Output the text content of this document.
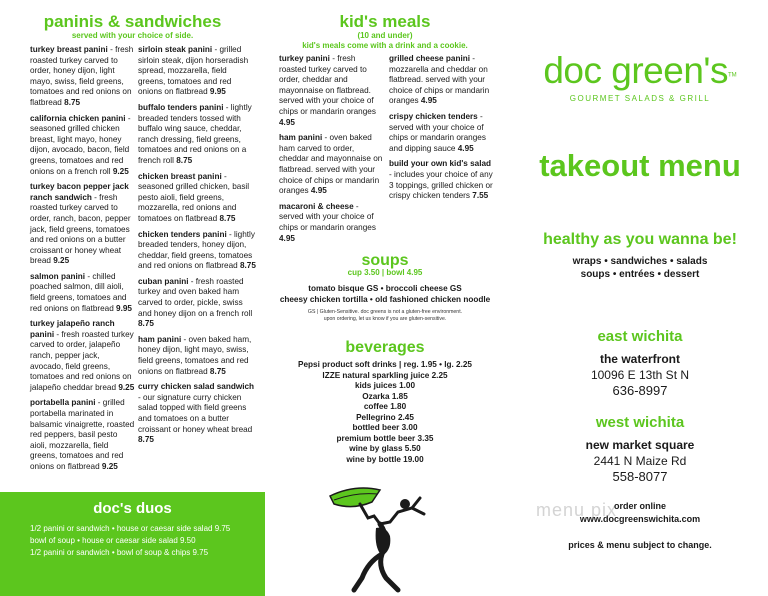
paninis & sandwiches
served with your choice of side.
turkey breast panini - fresh roasted turkey carved to order, honey dijon, light mayo, swiss, field greens, tomatoes and red onions on flatbread 8.75
california chicken panini - seasoned grilled chicken breast, light mayo, honey dijon, avocado, bacon, field greens, tomatoes and red onions on a french roll 9.25
turkey bacon pepper jack ranch sandwich - fresh roasted turkey carved to order, ranch, bacon, pepper jack, field greens, tomatoes and red onions on a butter croissant or honey wheat bread 9.25
salmon panini - chilled poached salmon, dill aioli, field greens, tomatoes and red onions on flatbread 9.95
turkey jalapeño ranch panini - fresh roasted turkey carved to order, jalapeño ranch, pepper jack, avocado, field greens, tomatoes and red onions on jalapeño cheddar bread 9.25
portabella panini - grilled portabella marinated in balsamic vinaigrette, roasted red peppers, basil pesto aioli, mozzarella, field greens, tomatoes and red onions on flatbread 9.25
sirloin steak panini - grilled sirloin steak, dijon horseradish spread, mozzarella, field greens, tomatoes and red onions on flatbread 9.95
buffalo tenders panini - lightly breaded tenders tossed with buffalo wing sauce, cheddar, ranch dressing, field greens, tomatoes and red onions on a french roll 8.75
chicken breast panini - seasoned grilled chicken, basil pesto aioli, field greens, mozzarella, red onions and tomatoes on flatbread 8.75
chicken tenders panini - lightly breaded tenders, honey dijon, cheddar, field greens, tomatoes and red onions on flatbread 8.75
cuban panini - fresh roasted turkey and oven baked ham carved to order, pickle, swiss and honey dijon on a french roll 8.75
ham panini - oven baked ham, honey dijon, light mayo, swiss, field greens, tomatoes and red onions on flatbread 8.75
curry chicken salad sandwich - our signature curry chicken salad topped with field greens and tomatoes on a butter croissant or honey wheat bread 8.75
doc's duos
1/2 panini or sandwich • house or caesar side salad 9.75
bowl of soup • house or caesar side salad 9.50
1/2 panini or sandwich • bowl of soup & chips 9.75
kid's meals
(10 and under)
kid's meals come with a drink and a cookie.
turkey panini - fresh roasted turkey carved to order, cheddar and mayonnaise on flatbread. served with your choice of chips or mandarin oranges 4.95
ham panini - oven baked ham carved to order, cheddar and mayonnaise on flatbread. served with your choice of chips or mandarin oranges 4.95
macaroni & cheese - served with your choice of chips or mandarin oranges 4.95
grilled cheese panini - mozzarella and cheddar on flatbread. served with your choice of chips or mandarin oranges 4.95
crispy chicken tenders - served with your choice of chips or mandarin oranges and dipping sauce 4.95
build your own kid's salad - includes your choice of any 3 toppings, grilled chicken or crispy chicken tenders 7.55
soups
cup 3.50 | bowl 4.95
tomato bisque GS • broccoli cheese GS
cheesy chicken tortilla • old fashioned chicken noodle
GS | Gluten-Sensitive. doc greens is not a gluten-free environment.
upon ordering, let us know if you are gluten-sensitive.
beverages
Pepsi product soft drinks | reg. 1.95 • lg. 2.25
IZZE natural sparkling juice 2.25
kids juices 1.00
Ozarka 1.85
coffee 1.80
Pellegrino 2.45
bottled beer 3.00
premium bottle beer 3.35
wine by glass 5.50
wine by bottle 19.00
doc green's™
GOURMET SALADS & GRILL
takeout menu
healthy as you wanna be!
wraps • sandwiches • salads
soups • entrées • dessert
east wichita
the waterfront
10096 E 13th St N
636-8997
west wichita
new market square
2441 N Maize Rd
558-8077
menu pix
order online
www.docgreenswichita.com
prices & menu subject to change.
